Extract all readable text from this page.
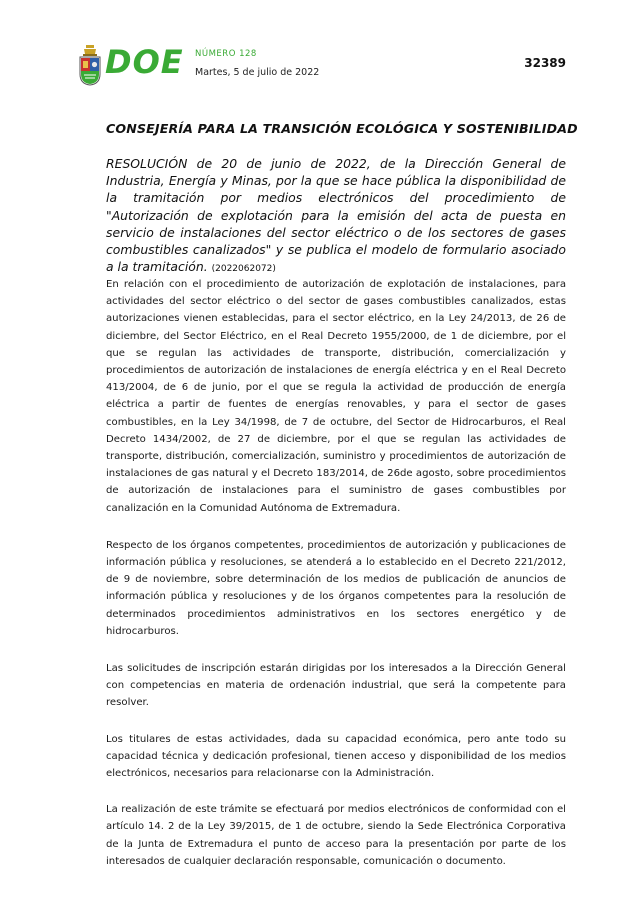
DOE NÚMERO 128
Martes, 5 de julio de 2022
32389
CONSEJERÍA PARA LA TRANSICIÓN ECOLÓGICA Y SOSTENIBILIDAD
RESOLUCIÓN de 20 de junio de 2022, de la Dirección General de Industria, Energía y Minas, por la que se hace pública la disponibilidad de la tramitación por medios electrónicos del procedimiento de "Autorización de explotación para la emisión del acta de puesta en servicio de instalaciones del sector eléctrico o de los sectores de gases combustibles canalizados" y se publica el modelo de formulario asociado a la tramitación. (2022062072)

En relación con el procedimiento de autorización de explotación de instalaciones, para actividades del sector eléctrico o del sector de gases combustibles canalizados, estas autorizaciones vienen establecidas, para el sector eléctrico, en la Ley 24/2013, de 26 de diciembre, del Sector Eléctrico, en el Real Decreto 1955/2000, de 1 de diciembre, por el que se regulan las actividades de transporte, distribución, comercialización y procedimientos de autorización de instalaciones de energía eléctrica y en el Real Decreto 413/2004, de 6 de junio, por el que se regula la actividad de producción de energía eléctrica a partir de fuentes de energías renovables, y para el sector de gases combustibles, en la Ley 34/1998, de 7 de octubre, del Sector de Hidrocarburos, el Real Decreto 1434/2002, de 27 de diciembre, por el que se regulan las actividades de transporte, distribución, comercialización, suministro y procedimientos de autorización de instalaciones de gas natural y el Decreto 183/2014, de 26de agosto, sobre procedimientos de autorización de instalaciones para el suministro de gases combustibles por canalización en la Comunidad Autónoma de Extremadura.

Respecto de los órganos competentes, procedimientos de autorización y publicaciones de información pública y resoluciones, se atenderá a lo establecido en el Decreto 221/2012, de 9 de noviembre, sobre determinación de los medios de publicación de anuncios de información pública y resoluciones y de los órganos competentes para la resolución de determinados procedimientos administrativos en los sectores energético y de hidrocarburos.

Las solicitudes de inscripción estarán dirigidas por los interesados a la Dirección General con competencias en materia de ordenación industrial, que será la competente para resolver.

Los titulares de estas actividades, dada su capacidad económica, pero ante todo su capacidad técnica y dedicación profesional, tienen acceso y disponibilidad de los medios electrónicos, necesarios para relacionarse con la Administración.

La realización de este trámite se efectuará por medios electrónicos de conformidad con el artículo 14. 2 de la Ley 39/2015, de 1 de octubre, siendo la Sede Electrónica Corporativa de la Junta de Extremadura el punto de acceso para la presentación por parte de los interesados de cualquier declaración responsable, comunicación o documento.
